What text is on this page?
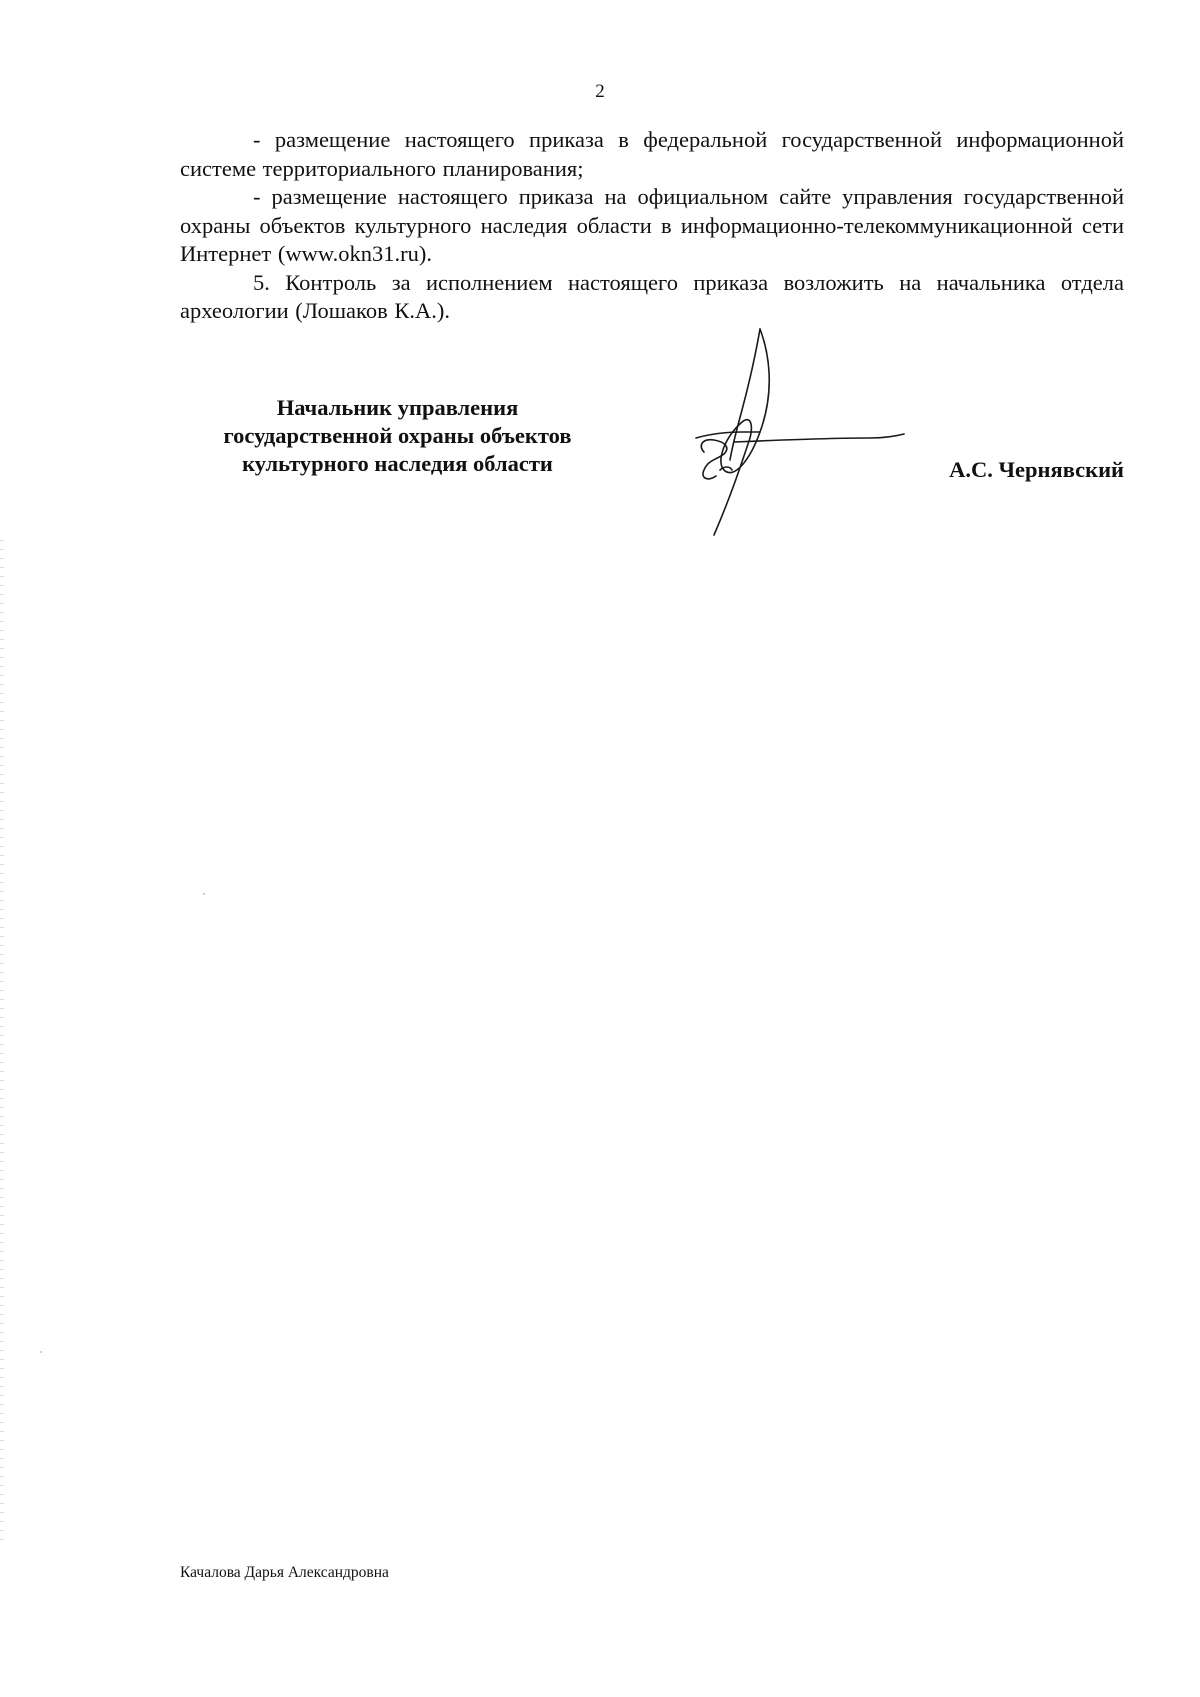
2

- размещение настоящего приказа в федеральной государственной информационной системе территориального планирования;

- размещение настоящего приказа на официальном сайте управления государственной охраны объектов культурного наследия области в информационно-телекоммуникационной сети Интернет (www.okn31.ru).

5. Контроль за исполнением настоящего приказа возложить на начальника отдела археологии (Лошаков К.А.).

Начальник управления
государственной охраны объектов
культурного наследия области	А.С. Чернявский
Качалова Дарья Александровна
